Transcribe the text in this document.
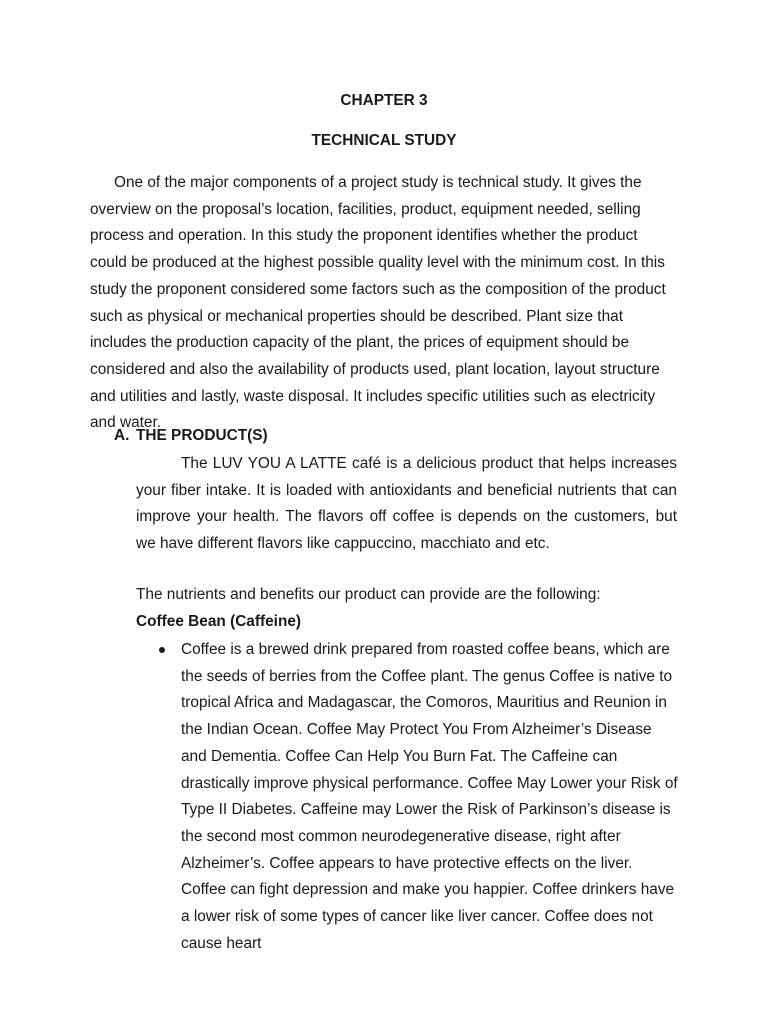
CHAPTER 3
TECHNICAL STUDY

One of the major components of a project study is technical study. It gives the overview on the proposal’s location, facilities, product, equipment needed, selling process and operation. In this study the proponent identifies whether the product could be produced at the highest possible quality level with the minimum cost. In this study the proponent considered some factors such as the composition of the product such as physical or mechanical properties should be described. Plant size that includes the production capacity of the plant, the prices of equipment should be considered and also the availability of products used, plant location, layout structure and utilities and lastly, waste disposal. It includes specific utilities such as electricity and water.

A. THE PRODUCT(S)

The LUV YOU A LATTE café is a delicious product that helps increases your fiber intake. It is loaded with antioxidants and beneficial nutrients that can improve your health. The flavors off coffee is depends on the customers, but we have different flavors like cappuccino, macchiato and etc.

The nutrients and benefits our product can provide are the following:

Coffee Bean (Caffeine)

Coffee is a brewed drink prepared from roasted coffee beans, which are the seeds of berries from the Coffee plant. The genus Coffee is native to tropical Africa and Madagascar, the Comoros, Mauritius and Reunion in the Indian Ocean. Coffee May Protect You From Alzheimer’s Disease and Dementia. Coffee Can Help You Burn Fat. The Caffeine can drastically improve physical performance. Coffee May Lower your Risk of Type II Diabetes. Caffeine may Lower the Risk of Parkinson’s disease is the second most common neurodegenerative disease, right after Alzheimer’s. Coffee appears to have protective effects on the liver. Coffee can fight depression and make you happier. Coffee drinkers have a lower risk of some types of cancer like liver cancer. Coffee does not cause heart
